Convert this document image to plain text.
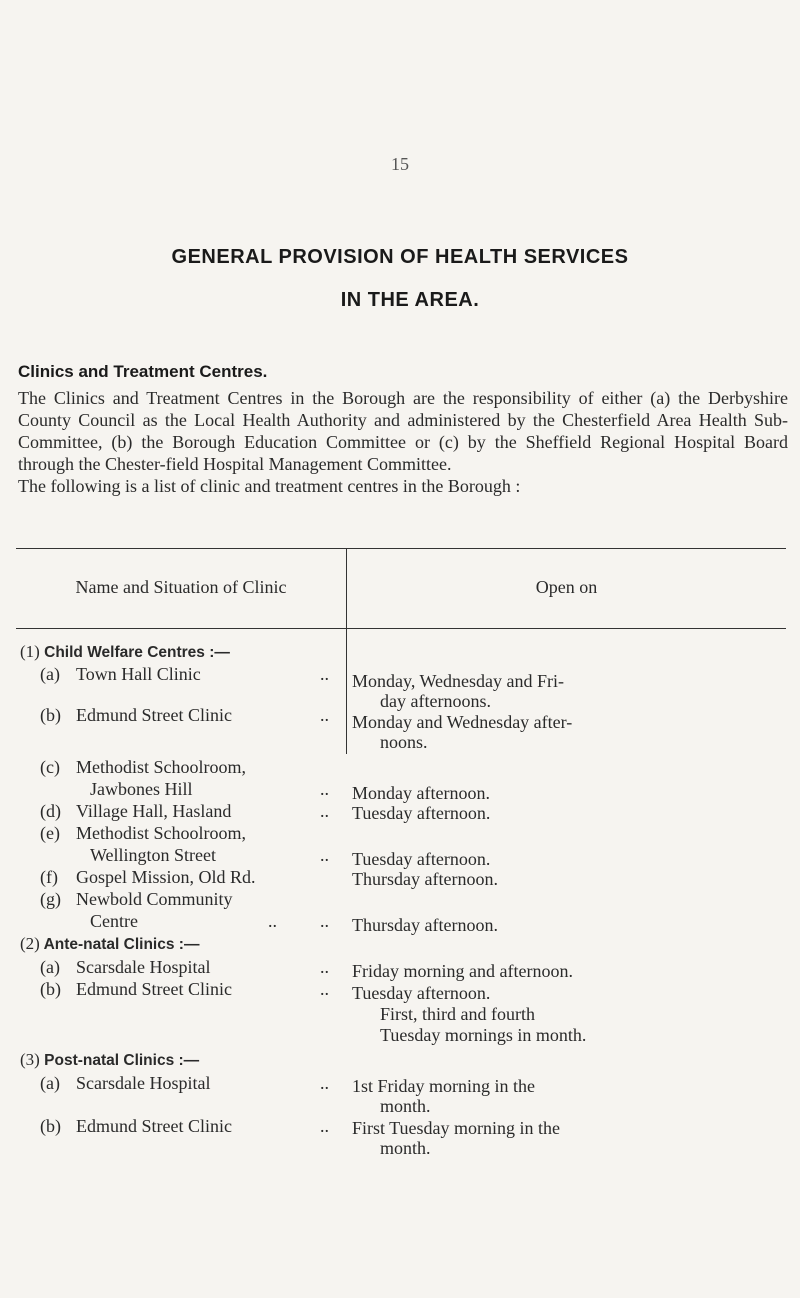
15
GENERAL PROVISION OF HEALTH SERVICES
IN THE AREA.
Clinics and Treatment Centres.

The Clinics and Treatment Centres in the Borough are the responsibility of either (a) the Derbyshire County Council as the Local Health Authority and administered by the Chesterfield Area Health Sub-Committee, (b) the Borough Education Committee or (c) by the Sheffield Regional Hospital Board through the Chester-field Hospital Management Committee.

The following is a list of clinic and treatment centres in the Borough :

Name and Situation of Clinic	Open on
(1) Child Welfare Centres :—
(a) Town Hall Clinic	.. Monday, Wednesday and Fri-
day afternoons.
(b) Edmund Street Clinic	.. Monday and Wednesday after-
noons.
(c) Methodist Schoolroom,
Jawbones Hill	.. Monday afternoon.
(d) Village Hall, Hasland	.. Tuesday afternoon.
(e) Methodist Schoolroom,
Wellington Street	.. Tuesday afternoon.
(f) Gospel Mission, Old Rd.	Thursday afternoon.
(g) Newbold Community
Centre	.. .. Thursday afternoon.
(2) Ante-natal Clinics :—
(a) Scarsdale Hospital	.. Friday morning and afternoon.
(b) Edmund Street Clinic	.. Tuesday afternoon.
First, third and fourth
Tuesday mornings in month.
(3) Post-natal Clinics :—
(a) Scarsdale Hospital	.. 1st Friday morning in the
month.
(b) Edmund Street Clinic	.. First Tuesday morning in the
month.
